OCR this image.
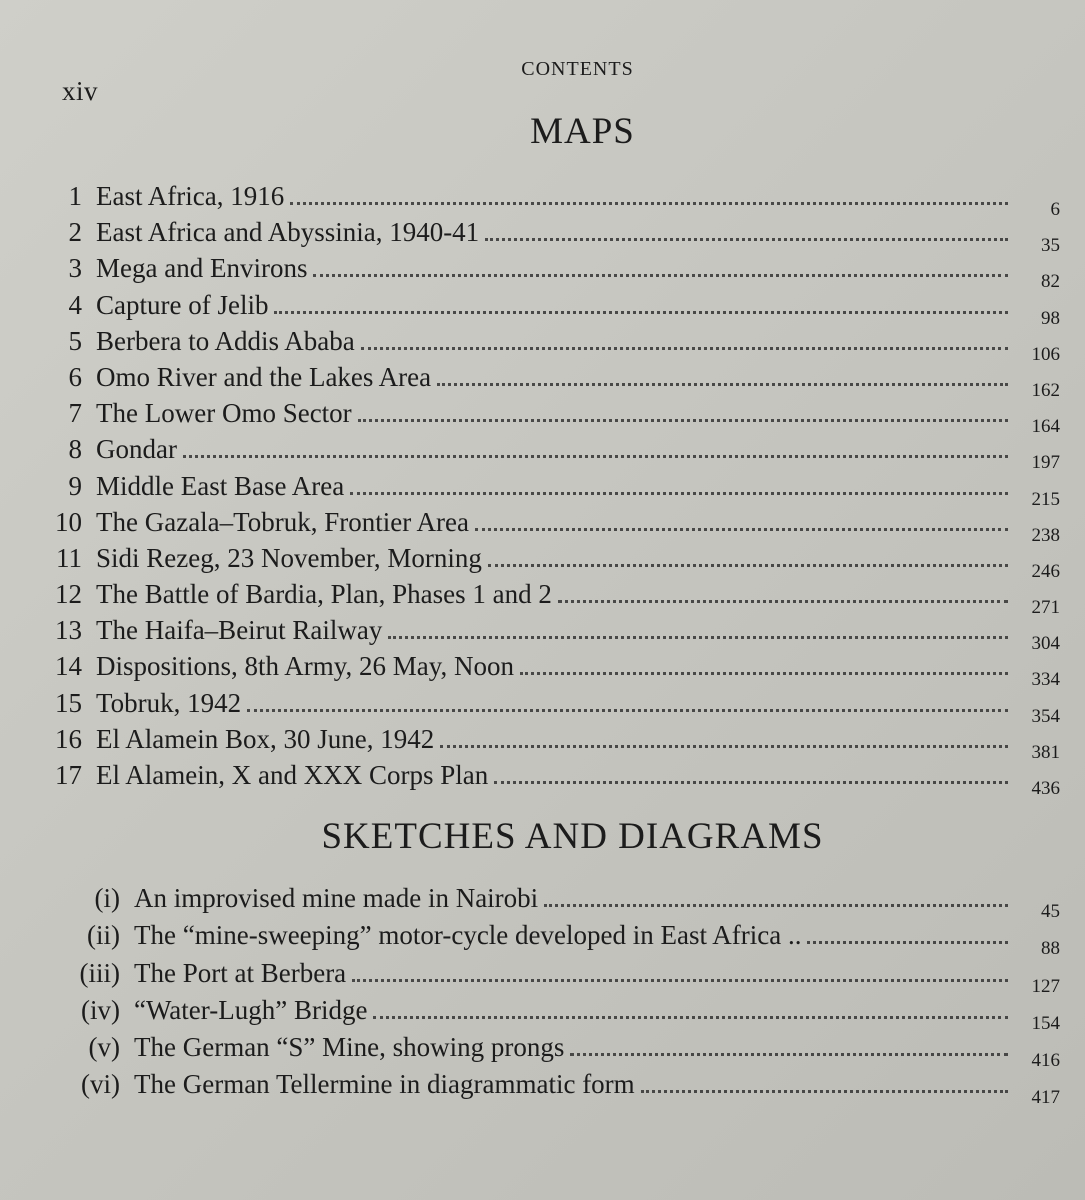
xiv
CONTENTS
MAPS
1 East Africa, 1916	6
2 East Africa and Abyssinia, 1940-41	35
3 Mega and Environs	82
4 Capture of Jelib	98
5 Berbera to Addis Ababa	106
6 Omo River and the Lakes Area	162
7 The Lower Omo Sector	164
8 Gondar	197
9 Middle East Base Area	215
10 The Gazala–Tobruk, Frontier Area	238
11 Sidi Rezeg, 23 November, Morning	246
12 The Battle of Bardia, Plan, Phases 1 and 2	271
13 The Haifa–Beirut Railway	304
14 Dispositions, 8th Army, 26 May, Noon	334
15 Tobruk, 1942	354
16 El Alamein Box, 30 June, 1942	381
17 El Alamein, X and XXX Corps Plan	436
SKETCHES AND DIAGRAMS
(i) An improvised mine made in Nairobi	45
(ii) The “mine-sweeping” motor-cycle developed in East Africa ..	88
(iii) The Port at Berbera	127
(iv) “Water-Lugh” Bridge	154
(v) The German “S” Mine, showing prongs	416
(vi) The German Tellermine in diagrammatic form	417
